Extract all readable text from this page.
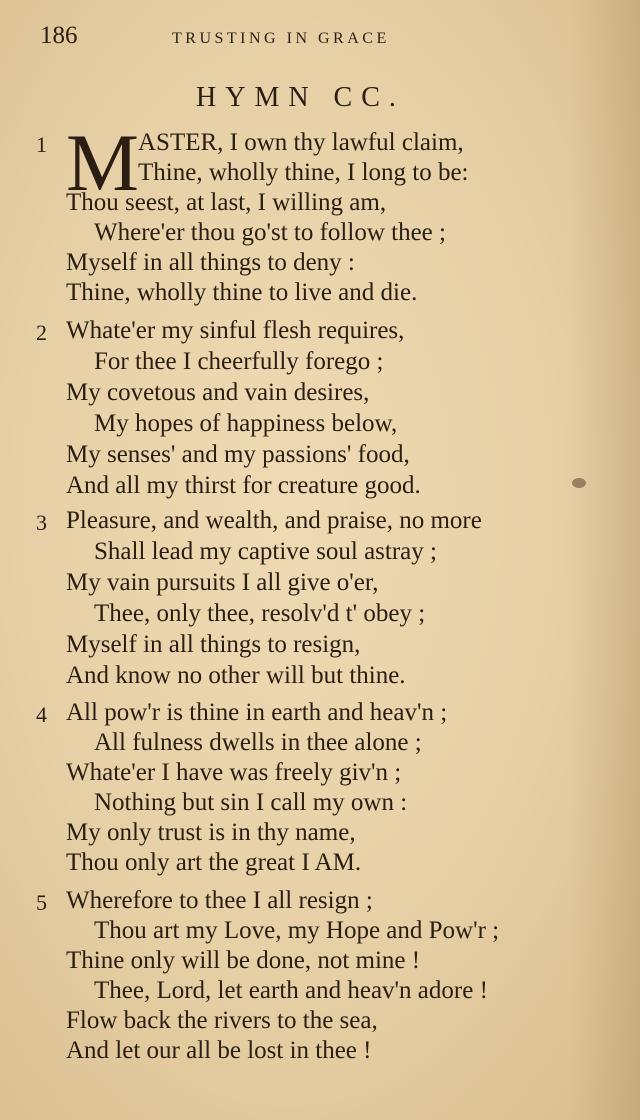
186	TRUSTING IN GRACE
HYMN CC.
1 M ASTER, I own thy lawful claim,
Thine, wholly thine, I long to be:
Thou seest, at last, I willing am,
Where'er thou go'st to follow thee ;
Myself in all things to deny :
Thine, wholly thine to live and die.
2 Whate'er my sinful flesh requires,
For thee I cheerfully forego ;
My covetous and vain desires,
My hopes of happiness below,
My senses' and my passions' food,
And all my thirst for creature good.
3 Pleasure, and wealth, and praise, no more
Shall lead my captive soul astray ;
My vain pursuits I all give o'er,
Thee, only thee, resolv'd t' obey ;
Myself in all things to resign,
And know no other will but thine.
4 All pow'r is thine in earth and heav'n ;
All fulness dwells in thee alone ;
Whate'er I have was freely giv'n ;
Nothing but sin I call my own :
My only trust is in thy name,
Thou only art the great I AM.
5 Wherefore to thee I all resign ;
Thou art my Love, my Hope and Pow'r ;
Thine only will be done, not mine !
Thee, Lord, let earth and heav'n adore !
Flow back the rivers to the sea,
And let our all be lost in thee !
